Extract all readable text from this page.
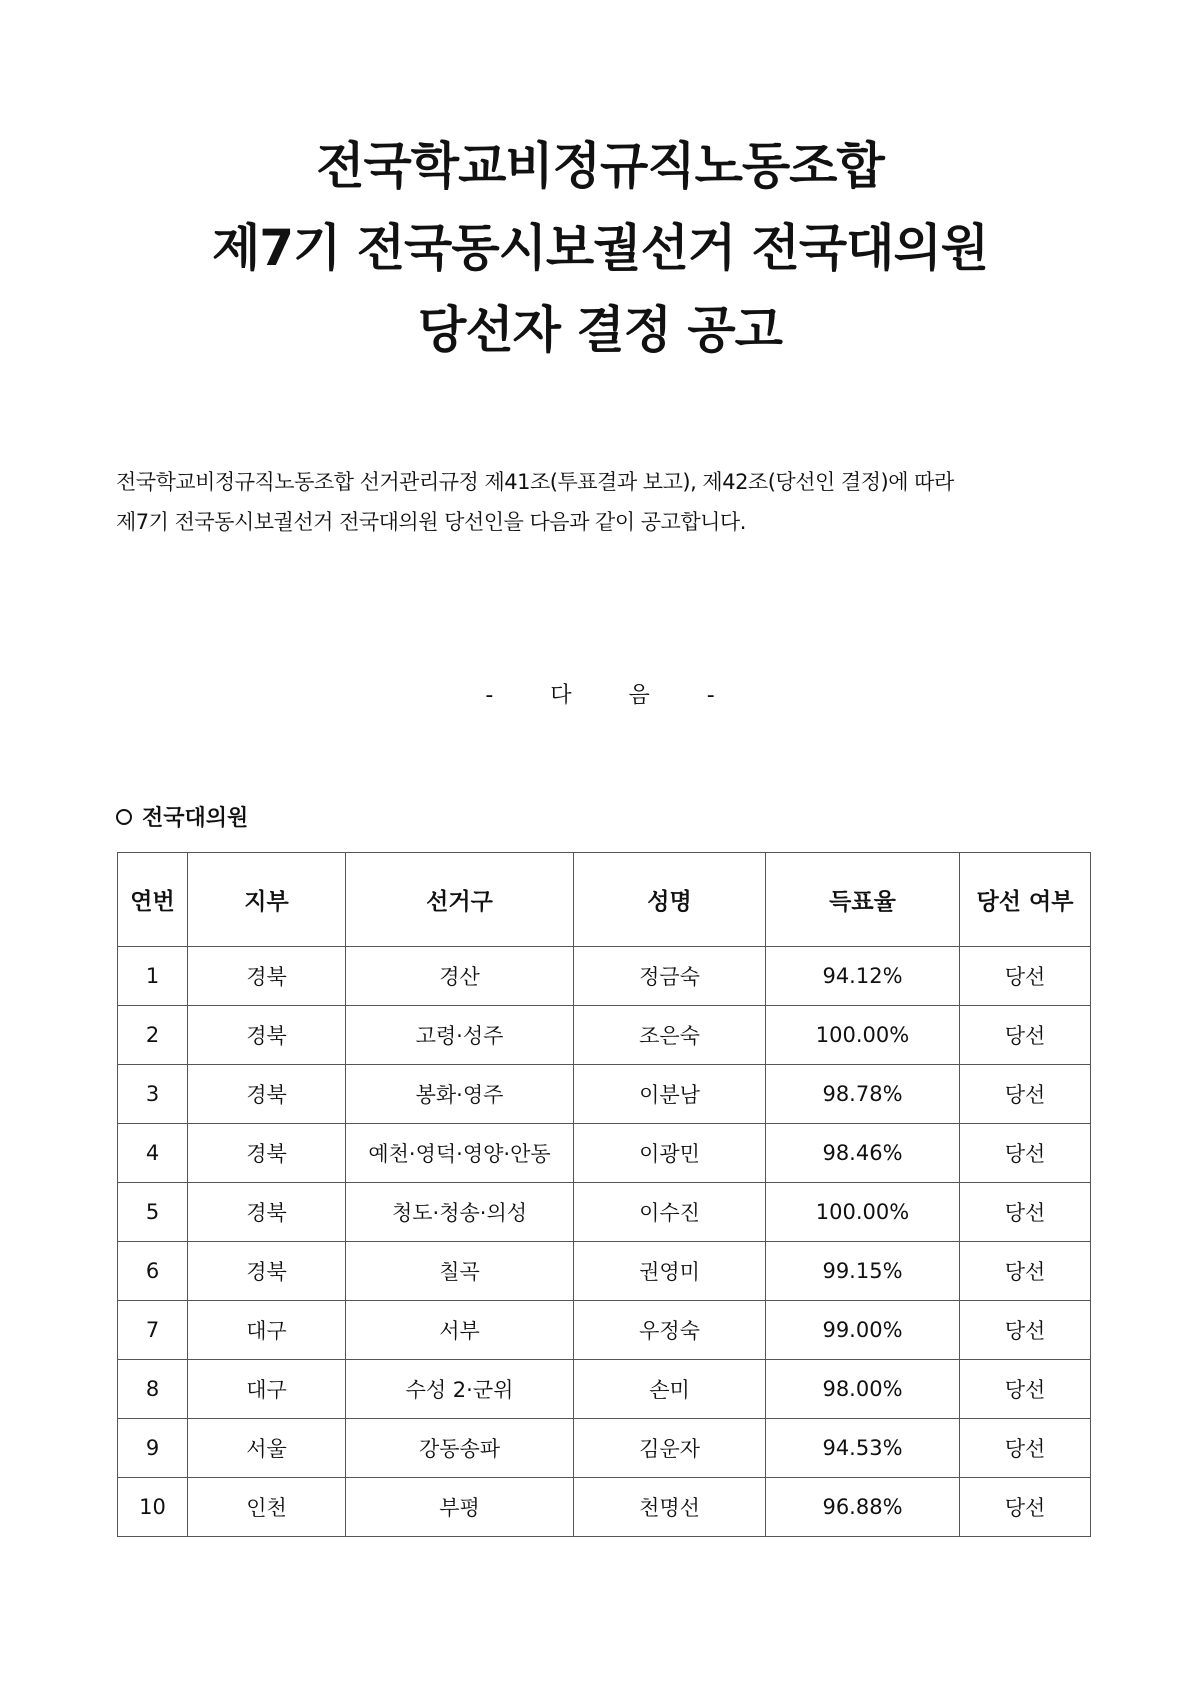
전국학교비정규직노동조합
제7기 전국동시보궐선거 전국대의원
당선자 결정 공고

전국학교비정규직노동조합 선거관리규정 제41조(투표결과 보고), 제42조(당선인 결정)에 따라

제7기 전국동시보궐선거 전국대의원 당선인을 다음과 같이 공고합니다.

- 다 음 -
전국대의원
연번	지부	선거구	성명	득표율	당선 여부
1	경북	경산	정금숙	94.12%	당선
2	경북	고령·성주	조은숙	100.00%	당선
3	경북	봉화·영주	이분남	98.78%	당선
4	경북	예천·영덕·영양·안동	이광민	98.46%	당선
5	경북	청도·청송·의성	이수진	100.00%	당선
6	경북	칠곡	권영미	99.15%	당선
7	대구	서부	우정숙	99.00%	당선
8	대구	수성 2·군위	손미	98.00%	당선
9	서울	강동송파	김운자	94.53%	당선
10	인천	부평	천명선	96.88%	당선
